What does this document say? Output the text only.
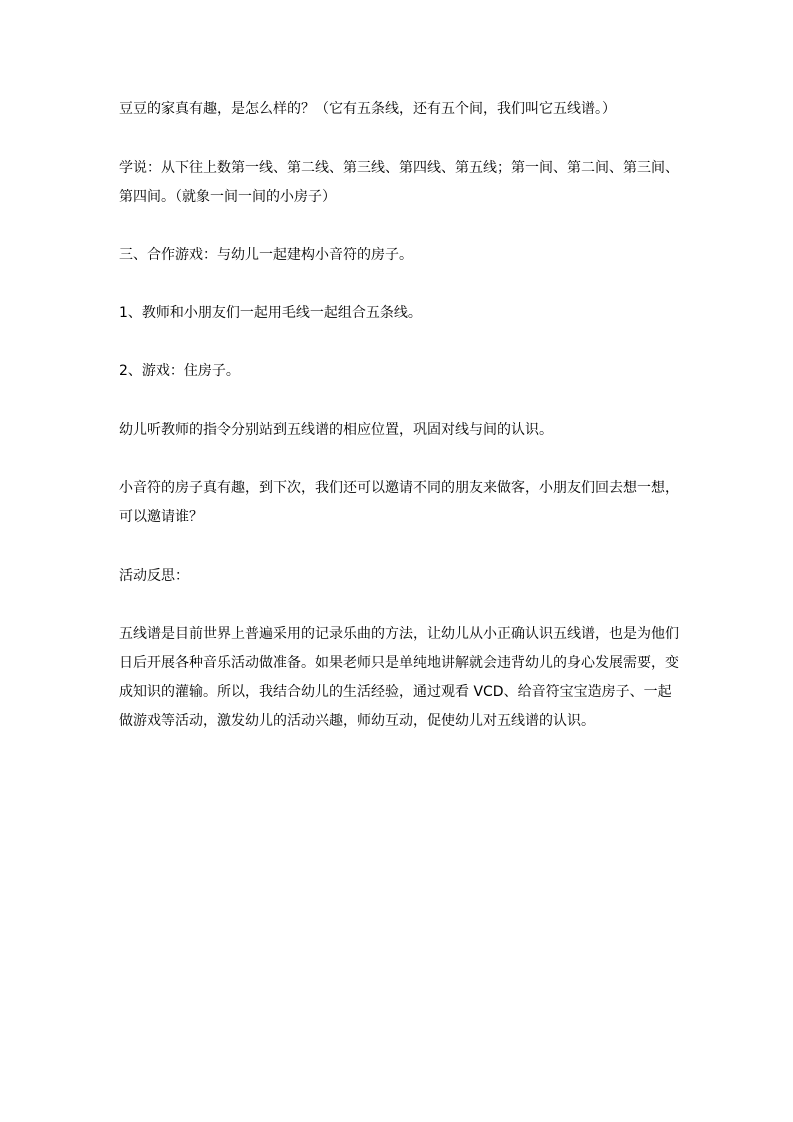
豆豆的家真有趣，是怎么样的？（它有五条线，还有五个间，我们叫它五线谱。）

学说：从下往上数第一线、第二线、第三线、第四线、第五线；第一间、第二间、第三间、
第四间。（就象一间一间的小房子）

三、合作游戏：与幼儿一起建构小音符的房子。

1、教师和小朋友们一起用毛线一起组合五条线。

2、游戏：住房子。

幼儿听教师的指令分别站到五线谱的相应位置，巩固对线与间的认识。

小音符的房子真有趣，到下次，我们还可以邀请不同的朋友来做客，小朋友们回去想一想，
可以邀请谁？

活动反思：

五线谱是目前世界上普遍采用的记录乐曲的方法，让幼儿从小正确认识五线谱，也是为他们
日后开展各种音乐活动做准备。如果老师只是单纯地讲解就会违背幼儿的身心发展需要，变
成知识的灌输。所以，我结合幼儿的生活经验，通过观看 VCD、给音符宝宝造房子、一起
做游戏等活动，激发幼儿的活动兴趣，师幼互动，促使幼儿对五线谱的认识。
